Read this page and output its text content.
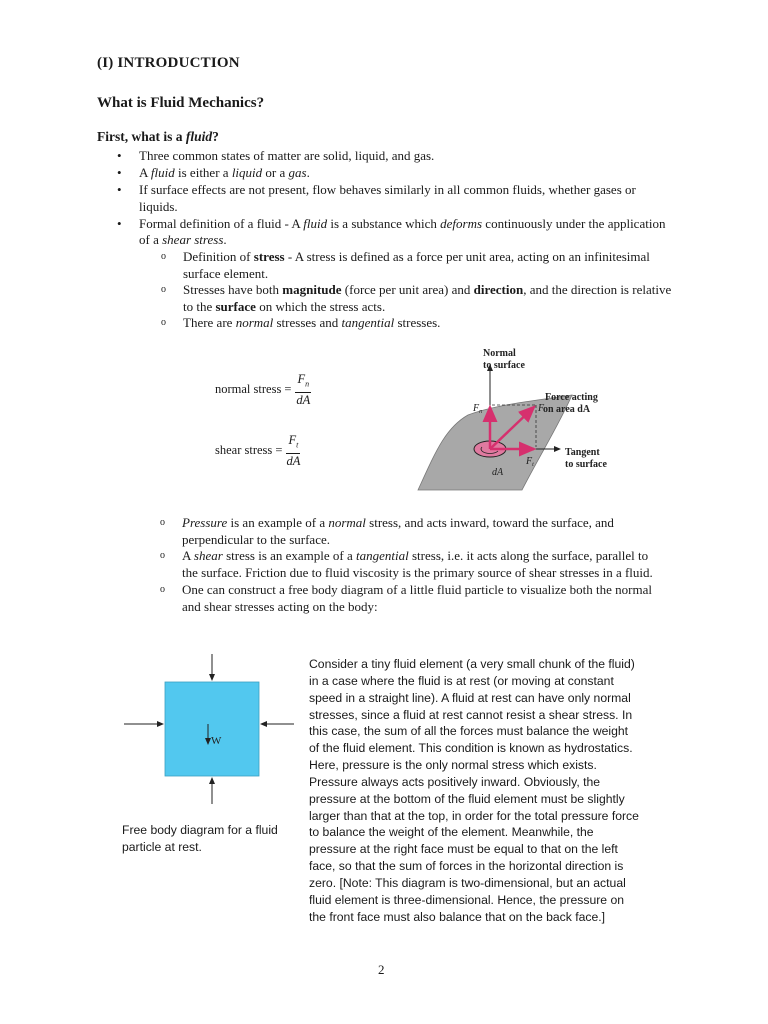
(I) INTRODUCTION
What is Fluid Mechanics?
First, what is a fluid?
• Three common states of matter are solid, liquid, and gas.
• A fluid is either a liquid or a gas.
• If surface effects are not present, flow behaves similarly in all common fluids, whether gases or liquids.
• Formal definition of a fluid - A fluid is a substance which deforms continuously under the application of a shear stress.
o Definition of stress - A stress is defined as a force per unit area, acting on an infinitesimal surface element.
o Stresses have both magnitude (force per unit area) and direction, and the direction is relative to the surface on which the stress acts.
o There are normal stresses and tangential stresses.
normal stress = $\frac{F_n}{dA}$
shear stress = $\frac{F_t}{dA}$
Normal
to surface
Force acting
on area dA
Tangent
to surface
$F_n$	F
$F_t$
dA
o Pressure is an example of a normal stress, and acts inward, toward the surface, and perpendicular to the surface.
o A shear stress is an example of a tangential stress, i.e. it acts along the surface, parallel to the surface. Friction due to fluid viscosity is the primary source of shear stresses in a fluid.
o One can construct a free body diagram of a little fluid particle to visualize both the normal and shear stresses acting on the body:
W
Free body diagram for a fluid particle at rest.
Consider a tiny fluid element (a very small chunk of the fluid) in a case where the fluid is at rest (or moving at constant speed in a straight line). A fluid at rest can have only normal stresses, since a fluid at rest cannot resist a shear stress. In this case, the sum of all the forces must balance the weight of the fluid element. This condition is known as hydrostatics. Here, pressure is the only normal stress which exists. Pressure always acts positively inward. Obviously, the pressure at the bottom of the fluid element must be slightly larger than that at the top, in order for the total pressure force to balance the weight of the element. Meanwhile, the pressure at the right face must be equal to that on the left face, so that the sum of forces in the horizontal direction is zero. [Note: This diagram is two-dimensional, but an actual fluid element is three-dimensional. Hence, the pressure on the front face must also balance that on the back face.]
2
